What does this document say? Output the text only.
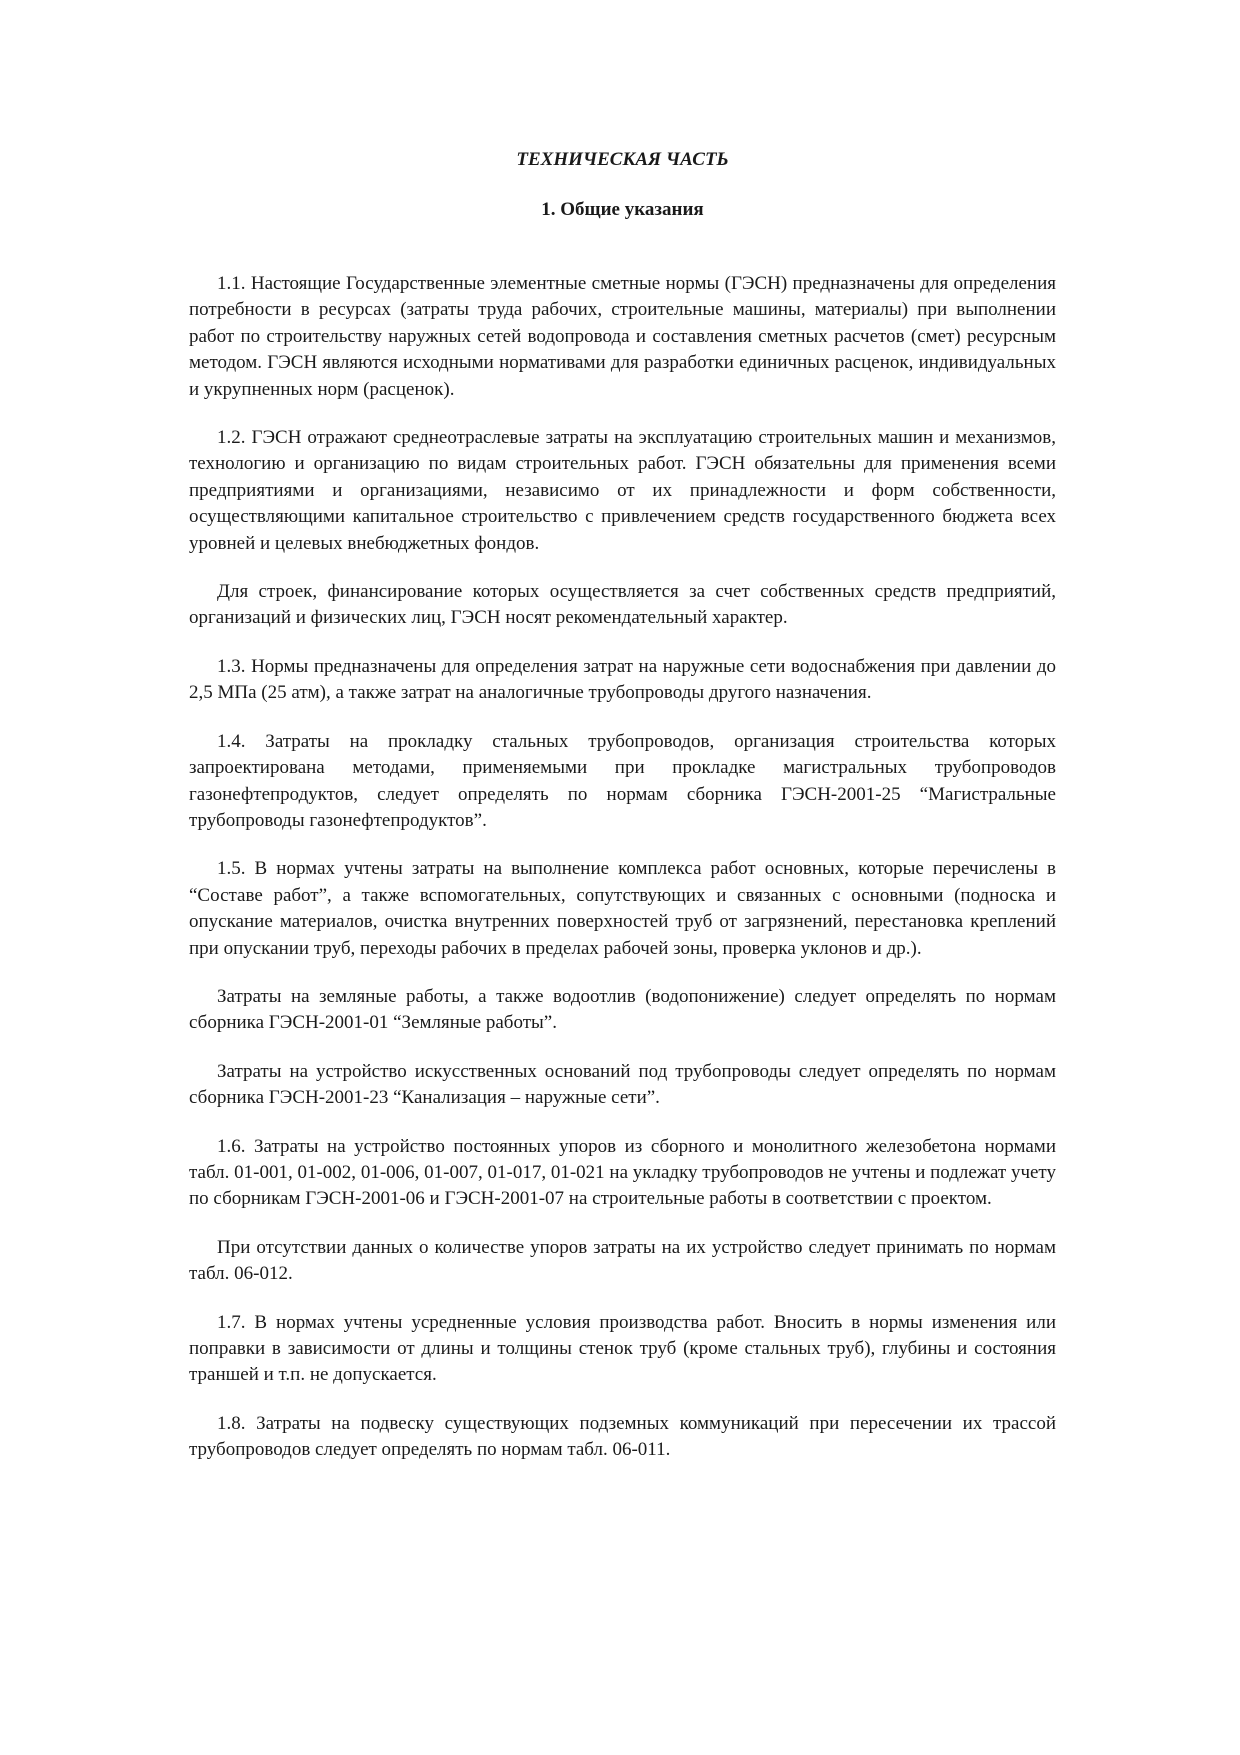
ТЕХНИЧЕСКАЯ ЧАСТЬ
1. Общие указания

1.1. Настоящие Государственные элементные сметные нормы (ГЭСН) предназначены для определения потребности в ресурсах (затраты труда рабочих, строительные машины, материалы) при выполнении работ по строительству наружных сетей водопровода и составления сметных расчетов (смет) ресурсным методом. ГЭСН являются исходными нормативами для разработки единичных расценок, индивидуальных и укрупненных норм (расценок).

1.2. ГЭСН отражают среднеотраслевые затраты на эксплуатацию строительных машин и механизмов, технологию и организацию по видам строительных работ. ГЭСН обязательны для применения всеми предприятиями и организациями, независимо от их принадлежности и форм собственности, осуществляющими капитальное строительство с привлечением средств государственного бюджета всех уровней и целевых внебюджетных фондов.

Для строек, финансирование которых осуществляется за счет собственных средств предприятий, организаций и физических лиц, ГЭСН носят рекомендательный характер.

1.3. Нормы предназначены для определения затрат на наружные сети водоснабжения при давлении до 2,5 МПа (25 атм), а также затрат на аналогичные трубопроводы другого назначения.

1.4. Затраты на прокладку стальных трубопроводов, организация строительства которых запроектирована методами, применяемыми при прокладке магистральных трубопроводов газонефтепродуктов, следует определять по нормам сборника ГЭСН-2001-25 “Магистральные трубопроводы газонефтепродуктов”.

1.5. В нормах учтены затраты на выполнение комплекса работ основных, которые перечислены в “Составе работ”, а также вспомогательных, сопутствующих и связанных с основными (подноска и опускание материалов, очистка внутренних поверхностей труб от загрязнений, перестановка креплений при опускании труб, переходы рабочих в пределах рабочей зоны, проверка уклонов и др.).

Затраты на земляные работы, а также водоотлив (водопонижение) следует определять по нормам сборника ГЭСН-2001-01 “Земляные работы”.

Затраты на устройство искусственных оснований под трубопроводы следует определять по нормам сборника ГЭСН-2001-23 “Канализация – наружные сети”.

1.6. Затраты на устройство постоянных упоров из сборного и монолитного железобетона нормами табл. 01-001, 01-002, 01-006, 01-007, 01-017, 01-021 на укладку трубопроводов не учтены и подлежат учету по сборникам ГЭСН-2001-06 и ГЭСН-2001-07 на строительные работы в соответствии с проектом.

При отсутствии данных о количестве упоров затраты на их устройство следует принимать по нормам табл. 06-012.

1.7. В нормах учтены усредненные условия производства работ. Вносить в нормы изменения или поправки в зависимости от длины и толщины стенок труб (кроме стальных труб), глубины и состояния траншей и т.п. не допускается.

1.8. Затраты на подвеску существующих подземных коммуникаций при пересечении их трассой трубопроводов следует определять по нормам табл. 06-011.
